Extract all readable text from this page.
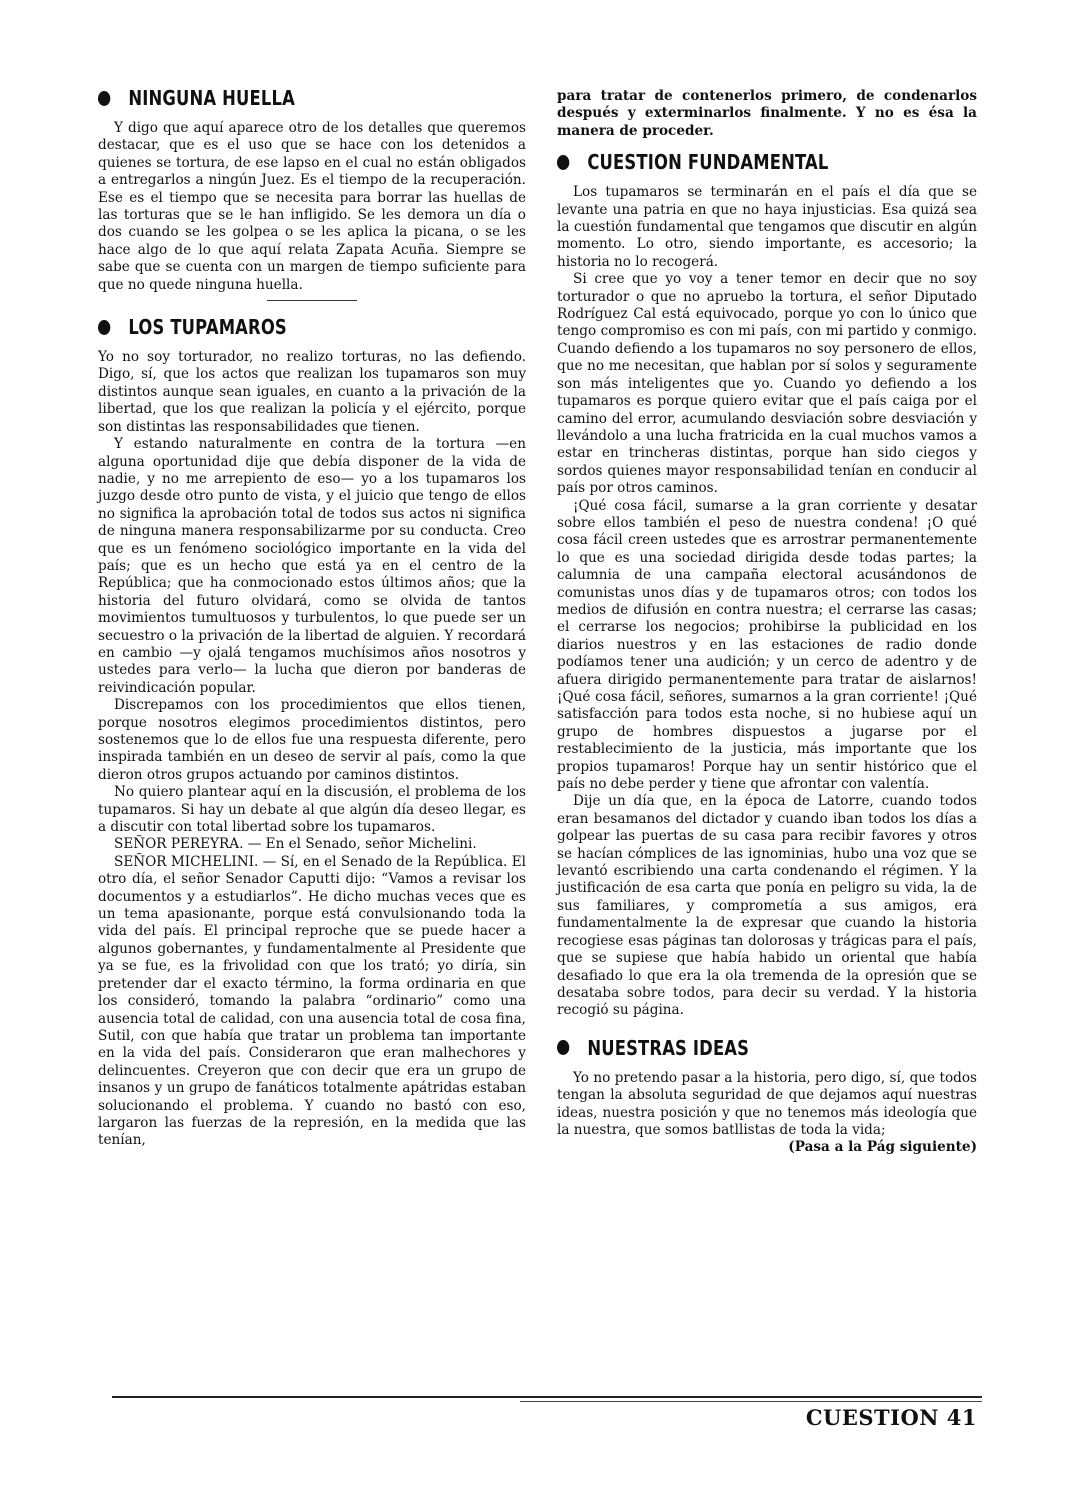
NINGUNA HUELLA

Y digo que aquí aparece otro de los detalles que queremos destacar, que es el uso que se hace con los detenidos a quienes se tortura, de ese lapso en el cual no están obligados a entregarlos a ningún Juez. Es el tiempo de la recuperación. Ese es el tiempo que se necesita para borrar las huellas de las torturas que se le han infligido. Se les demora un día o dos cuando se les golpea o se les aplica la picana, o se les hace algo de lo que aquí relata Zapata Acuña. Siempre se sabe que se cuenta con un margen de tiempo suficiente para que no quede ninguna huella.

LOS TUPAMAROS

Yo no soy torturador, no realizo torturas, no las defiendo. Digo, sí, que los actos que realizan los tupamaros son muy distintos aunque sean iguales, en cuanto a la privación de la libertad, que los que realizan la policía y el ejército, porque son distintas las responsabilidades que tienen.

Y estando naturalmente en contra de la tortura —en alguna oportunidad dije que debía disponer de la vida de nadie, y no me arrepiento de eso— yo a los tupamaros los juzgo desde otro punto de vista, y el juicio que tengo de ellos no significa la aprobación total de todos sus actos ni significa de ninguna manera responsabilizarme por su conducta. Creo que es un fenómeno sociológico importante en la vida del país; que es un hecho que está ya en el centro de la República; que ha conmocionado estos últimos años; que la historia del futuro olvidará, como se olvida de tantos movimientos tumultuosos y turbulentos, lo que puede ser un secuestro o la privación de la libertad de alguien. Y recordará en cambio —y ojalá tengamos muchísimos años nosotros y ustedes para verlo— la lucha que dieron por banderas de reivindicación popular.

Discrepamos con los procedimientos que ellos tienen, porque nosotros elegimos procedimientos distintos, pero sostenemos que lo de ellos fue una respuesta diferente, pero inspirada también en un deseo de servir al país, como la que dieron otros grupos actuando por caminos distintos.

No quiero plantear aquí en la discusión, el problema de los tupamaros. Si hay un debate al que algún día deseo llegar, es a discutir con total libertad sobre los tupamaros.

SEÑOR PEREYRA. — En el Senado, señor Michelini.

SEÑOR MICHELINI. — Sí, en el Senado de la República. El otro día, el señor Senador Caputti dijo: “Vamos a revisar los documentos y a estudiarlos”. He dicho muchas veces que es un tema apasionante, porque está convulsionando toda la vida del país. El principal reproche que se puede hacer a algunos gobernantes, y fundamentalmente al Presidente que ya se fue, es la frivolidad con que los trató; yo diría, sin pretender dar el exacto término, la forma ordinaria en que los consideró, tomando la palabra “ordinario” como una ausencia total de calidad, con una ausencia total de cosa fina, Sutil, con que había que tratar un problema tan importante en la vida del país. Consideraron que eran malhechores y delincuentes. Creyeron que con decir que era un grupo de insanos y un grupo de fanáticos totalmente apátridas estaban solucionando el problema. Y cuando no bastó con eso, largaron las fuerzas de la represión, en la medida que las tenían,

para tratar de contenerlos primero, de condenarlos después y exterminarlos finalmente. Y no es ésa la manera de proceder.

CUESTION FUNDAMENTAL

Los tupamaros se terminarán en el país el día que se levante una patria en que no haya injusticias. Esa quizá sea la cuestión fundamental que tengamos que discutir en algún momento. Lo otro, siendo importante, es accesorio; la historia no lo recogerá.

Si cree que yo voy a tener temor en decir que no soy torturador o que no apruebo la tortura, el señor Diputado Rodríguez Cal está equivocado, porque yo con lo único que tengo compromiso es con mi país, con mi partido y conmigo. Cuando defiendo a los tupamaros no soy personero de ellos, que no me necesitan, que hablan por sí solos y seguramente son más inteligentes que yo. Cuando yo defiendo a los tupamaros es porque quiero evitar que el país caiga por el camino del error, acumulando desviación sobre desviación y llevándolo a una lucha fratricida en la cual muchos vamos a estar en trincheras distintas, porque han sido ciegos y sordos quienes mayor responsabilidad tenían en conducir al país por otros caminos.

¡Qué cosa fácil, sumarse a la gran corriente y desatar sobre ellos también el peso de nuestra condena! ¡O qué cosa fácil creen ustedes que es arrostrar permanentemente lo que es una sociedad dirigida desde todas partes; la calumnia de una campaña electoral acusándonos de comunistas unos días y de tupamaros otros; con todos los medios de difusión en contra nuestra; el cerrarse las casas; el cerrarse los negocios; prohibirse la publicidad en los diarios nuestros y en las estaciones de radio donde podíamos tener una audición; y un cerco de adentro y de afuera dirigido permanentemente para tratar de aislarnos! ¡Qué cosa fácil, señores, sumarnos a la gran corriente! ¡Qué satisfacción para todos esta noche, si no hubiese aquí un grupo de hombres dispuestos a jugarse por el restablecimiento de la justicia, más importante que los propios tupamaros! Porque hay un sentir histórico que el país no debe perder y tiene que afrontar con valentía.

Dije un día que, en la época de Latorre, cuando todos eran besamanos del dictador y cuando iban todos los días a golpear las puertas de su casa para recibir favores y otros se hacían cómplices de las ignominias, hubo una voz que se levantó escribiendo una carta condenando el régimen. Y la justificación de esa carta que ponía en peligro su vida, la de sus familiares, y comprometía a sus amigos, era fundamentalmente la de expresar que cuando la historia recogiese esas páginas tan dolorosas y trágicas para el país, que se supiese que había habido un oriental que había desafiado lo que era la ola tremenda de la opresión que se desataba sobre todos, para decir su verdad. Y la historia recogió su página.

NUESTRAS IDEAS

Yo no pretendo pasar a la historia, pero digo, sí, que todos tengan la absoluta seguridad de que dejamos aquí nuestras ideas, nuestra posición y que no tenemos más ideología que la nuestra, que somos batllistas de toda la vida;

(Pasa a la Pág siguiente)

CUESTION 41
